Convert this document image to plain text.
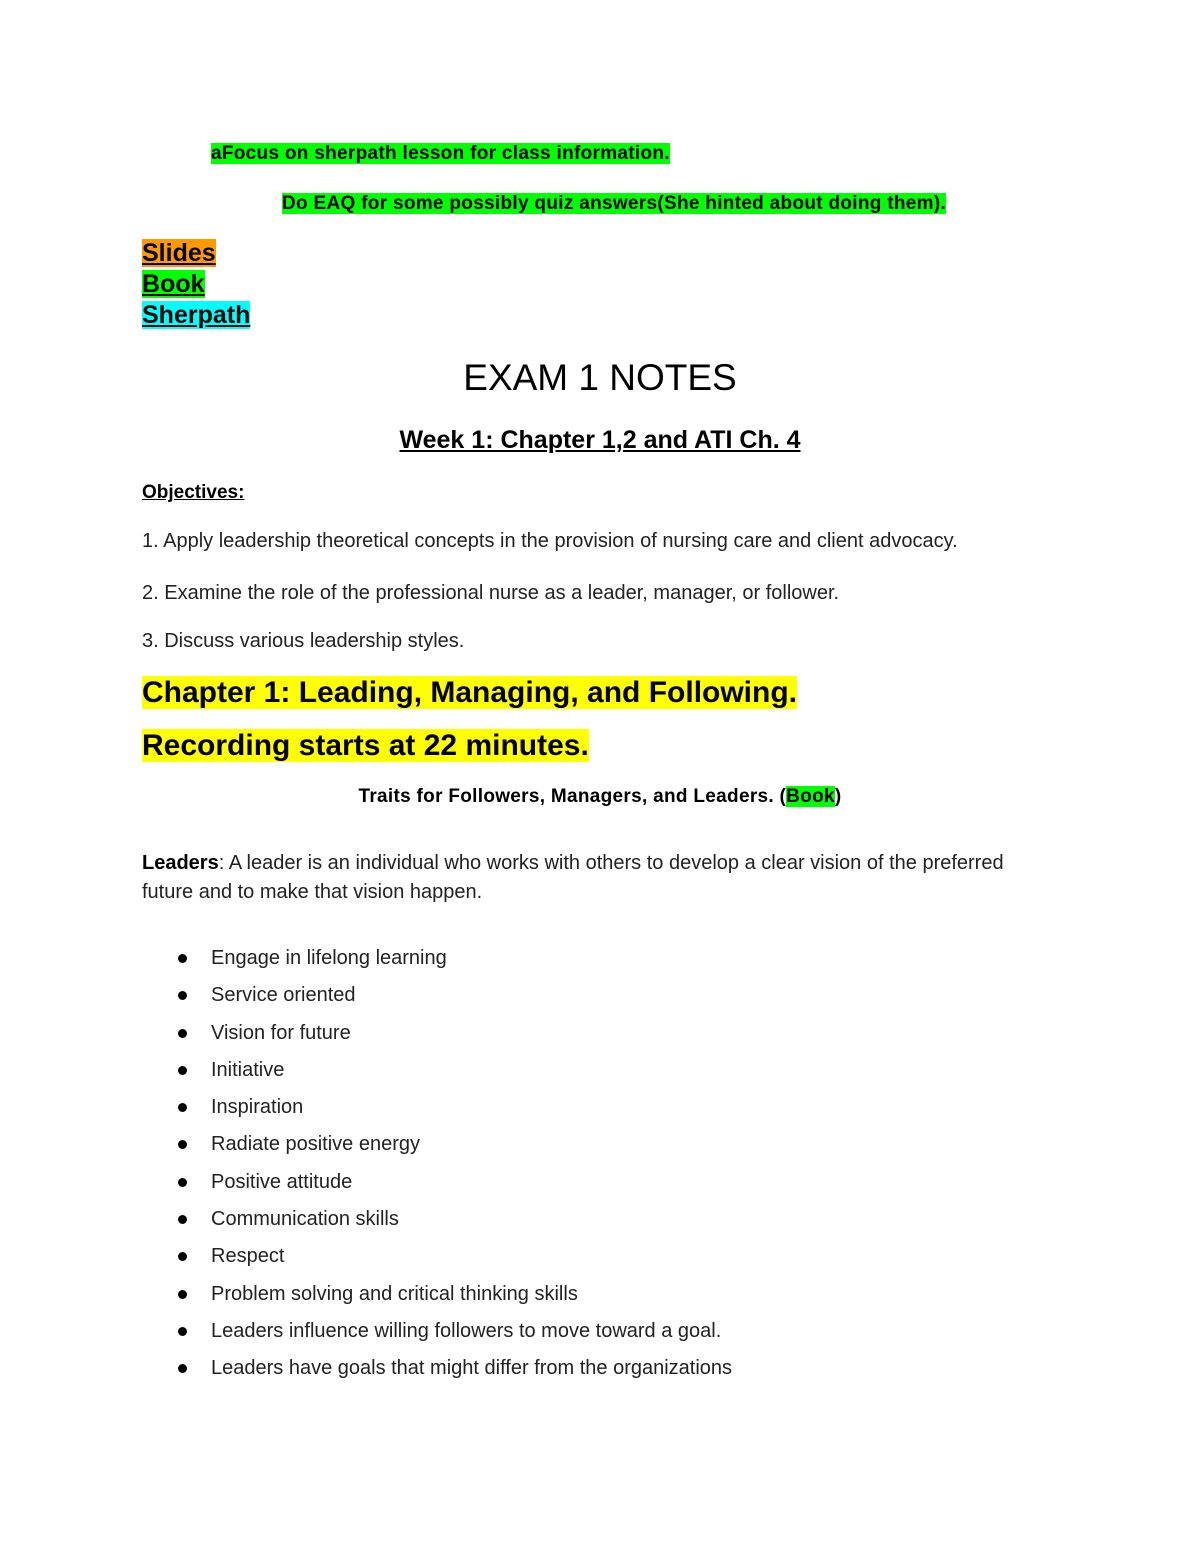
aFocus on sherpath lesson for class information.
Do EAQ for some possibly quiz answers(She hinted about doing them).
Slides
Book
Sherpath
EXAM 1 NOTES
Week 1: Chapter 1,2 and ATI Ch. 4
Objectives:
1. Apply leadership theoretical concepts in the provision of nursing care and client advocacy.
2. Examine the role of the professional nurse as a leader, manager, or follower.
3. Discuss various leadership styles.
Chapter 1: Leading, Managing, and Following.
Recording starts at 22 minutes.
Traits for Followers, Managers, and Leaders. (Book)
Leaders: A leader is an individual who works with others to develop a clear vision of the preferred future and to make that vision happen.
Engage in lifelong learning
Service oriented
Vision for future
Initiative
Inspiration
Radiate positive energy
Positive attitude
Communication skills
Respect
Problem solving and critical thinking skills
Leaders influence willing followers to move toward a goal.
Leaders have goals that might differ from the organizations
